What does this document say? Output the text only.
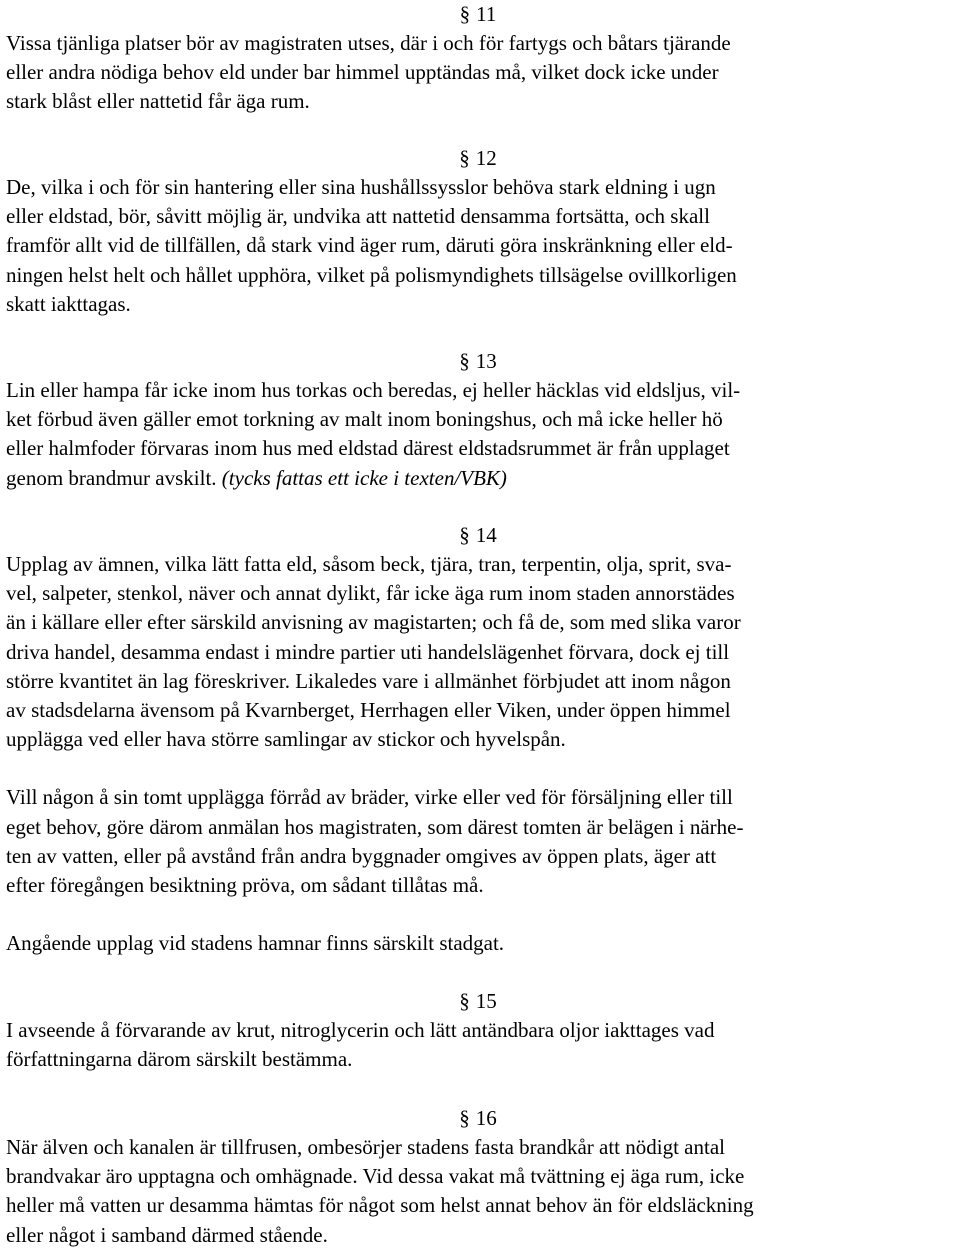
§ 11

Vissa tjänliga platser bör av magistraten utses, där i och för fartygs och båtars tjärande
eller andra nödiga behov eld under bar himmel upptändas må, vilket dock icke under
stark blåst eller nattetid får äga rum.

§ 12

De, vilka i och för sin hantering eller sina hushållssysslor behöva stark eldning i ugn
eller eldstad, bör, såvitt möjlig är, undvika att nattetid densamma fortsätta, och skall
framför allt vid de tillfällen, då stark vind äger rum, däruti göra inskränkning eller eld-
ningen helst helt och hållet upphöra, vilket på polismyndighets tillsägelse ovillkorligen
skatt iakttagas.

§ 13

Lin eller hampa får icke inom hus torkas och beredas, ej heller häcklas vid eldsljus, vil-
ket förbud även gäller emot torkning av malt inom boningshus, och må icke heller hö
eller halmfoder förvaras inom hus med eldstad därest eldstadsrummet är från upplaget
genom brandmur avskilt. (tycks fattas ett icke i texten/VBK)

§ 14

Upplag av ämnen, vilka lätt fatta eld, såsom beck, tjära, tran, terpentin, olja, sprit, sva-
vel, salpeter, stenkol, näver och annat dylikt, får icke äga rum inom staden annorstädes
än i källare eller efter särskild anvisning av magistarten; och få de, som med slika varor
driva handel, desamma endast i mindre partier uti handelslägenhet förvara, dock ej till
större kvantitet än lag föreskriver. Likaledes vare i allmänhet förbjudet att inom någon
av stadsdelarna ävensom på Kvarnberget, Herrhagen eller Viken, under öppen himmel
upplägga ved eller hava större samlingar av stickor och hyvelspån.

Vill någon å sin tomt upplägga förråd av bräder, virke eller ved för försäljning eller till
eget behov, göre därom anmälan hos magistraten, som därest tomten är belägen i närhe-
ten av vatten, eller på avstånd från andra byggnader omgives av öppen plats, äger att
efter föregången besiktning pröva, om sådant tillåtas må.

Angående upplag vid stadens hamnar finns särskilt stadgat.

§ 15

I avseende å förvarande av krut, nitroglycerin och lätt antändbara oljor iakttages vad
författningarna därom särskilt bestämma.

§ 16

När älven och kanalen är tillfrusen, ombesörjer stadens fasta brandkår att nödigt antal
brandvakar äro upptagna och omhägnade. Vid dessa vakat må tvättning ej äga rum, icke
heller må vatten ur desamma hämtas för något som helst annat behov än för eldsläckning
eller något i samband därmed stående.
